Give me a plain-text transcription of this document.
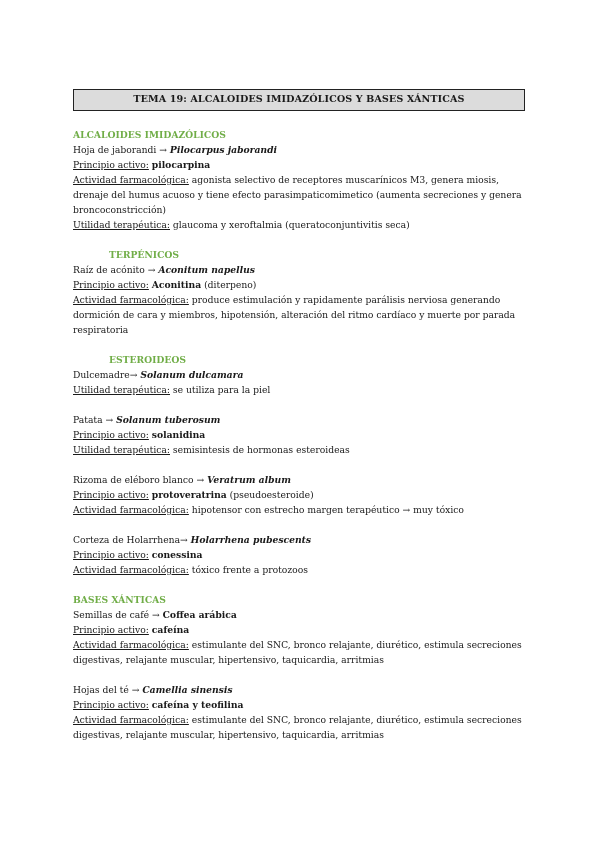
TEMA 19: ALCALOIDES IMIDAZÓLICOS Y BASES XÁNTICAS

ALCALOIDES IMIDAZÓLICOS

Hoja de jaborandi → Pilocarpus jaborandi

Principio activo: pilocarpina

Actividad farmacológica: agonista selectivo de receptores muscarínicos M3, genera miosis, drenaje del humus acuoso y tiene efecto parasimpaticomimetico (aumenta secreciones y genera broncoconstricción)

Utilidad terapéutica: glaucoma y xeroftalmia (queratoconjuntivitis seca)

TERPÉNICOS

Raíz de acónito → Aconitum napellus

Principio activo: Aconitina (diterpeno)

Actividad farmacológica: produce estimulación y rapidamente parálisis nerviosa generando dormición de cara y miembros, hipotensión, alteración del ritmo cardíaco y muerte por parada respiratoria

ESTEROIDEOS

Dulcemadre→ Solanum dulcamara

Utilidad terapéutica: se utiliza para la piel

Patata → Solanum tuberosum

Principio activo: solanidina

Utilidad terapéutica: semisintesis de hormonas esteroideas

Rizoma de eléboro blanco → Veratrum album

Principio activo: protoveratrina (pseudoesteroide)

Actividad farmacológica: hipotensor con estrecho margen terapéutico → muy tóxico

Corteza de Holarrhena→ Holarrhena pubescents

Principio activo: conessina

Actividad farmacológica: tóxico frente a protozoos

BASES XÁNTICAS

Semillas de café → Coffea arábica

Principio activo: cafeína

Actividad farmacológica: estimulante del SNC, bronco relajante, diurético, estimula secreciones digestivas, relajante muscular, hipertensivo, taquicardia, arritmias

Hojas del té → Camellia sinensis

Principio activo: cafeína y teofilina

Actividad farmacológica: estimulante del SNC, bronco relajante, diurético, estimula secreciones digestivas, relajante muscular, hipertensivo, taquicardia, arritmias
